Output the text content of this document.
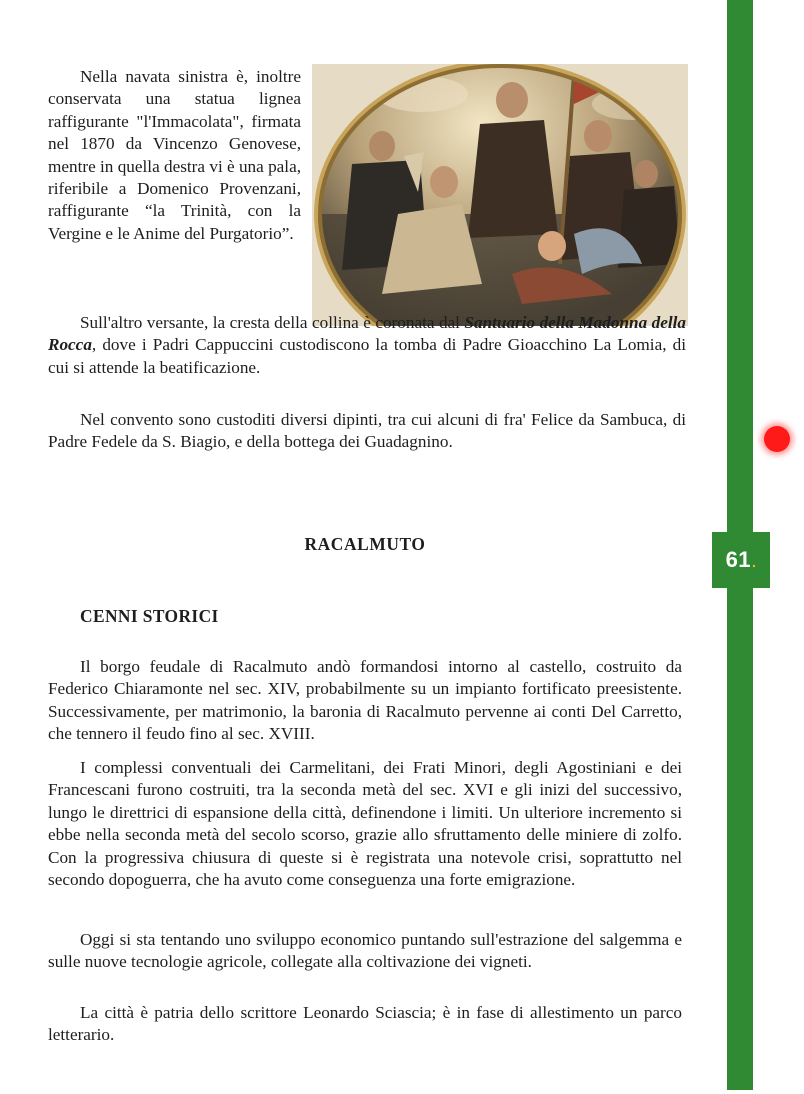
61.

Nella navata sinistra è, inoltre conservata una statua lignea raffigurante "l'Immacolata", firmata nel 1870 da Vincenzo Genovese, mentre in quella destra vi è una pala, riferibile a Domenico Provenzani, raffigurante “la Trinità, con la Vergine e le Anime del Purgatorio”.

Sull'altro versante, la cresta della collina è coronata dal Santuario della Madonna della Rocca, dove i Padri Cappuccini custodiscono la tomba di Padre Gioacchino La Lomia, di cui si attende la beatificazione.

Nel convento sono custoditi diversi dipinti, tra cui alcuni di fra' Felice da Sambuca, di Padre Fedele da S. Biagio, e della bottega dei Guadagnino.

RACALMUTO
CENNI STORICI

Il borgo feudale di Racalmuto andò formandosi intorno al castello, costruito da Federico Chiaramonte nel sec. XIV, probabilmente su un impianto fortificato preesistente. Successivamente, per matrimonio, la baronia di Racalmuto pervenne ai conti Del Carretto, che tennero il feudo fino al sec. XVIII.

I complessi conventuali dei Carmelitani, dei Frati Minori, degli Agostiniani e dei Francescani furono costruiti, tra la seconda metà del sec. XVI e gli inizi del successivo, lungo le direttrici di espansione della città, definendone i limiti. Un ulteriore incremento si ebbe nella seconda metà del secolo scorso, grazie allo sfruttamento delle miniere di zolfo. Con la progressiva chiusura di queste si è registrata una notevole crisi, soprattutto nel secondo dopoguerra, che ha avuto come conseguenza una forte emigrazione.

Oggi si sta tentando uno sviluppo economico puntando sull'estrazione del salgemma e sulle nuove tecnologie agricole, collegate alla coltivazione dei vigneti.

La città è patria dello scrittore Leonardo Sciascia; è in fase di allestimento un parco letterario.
